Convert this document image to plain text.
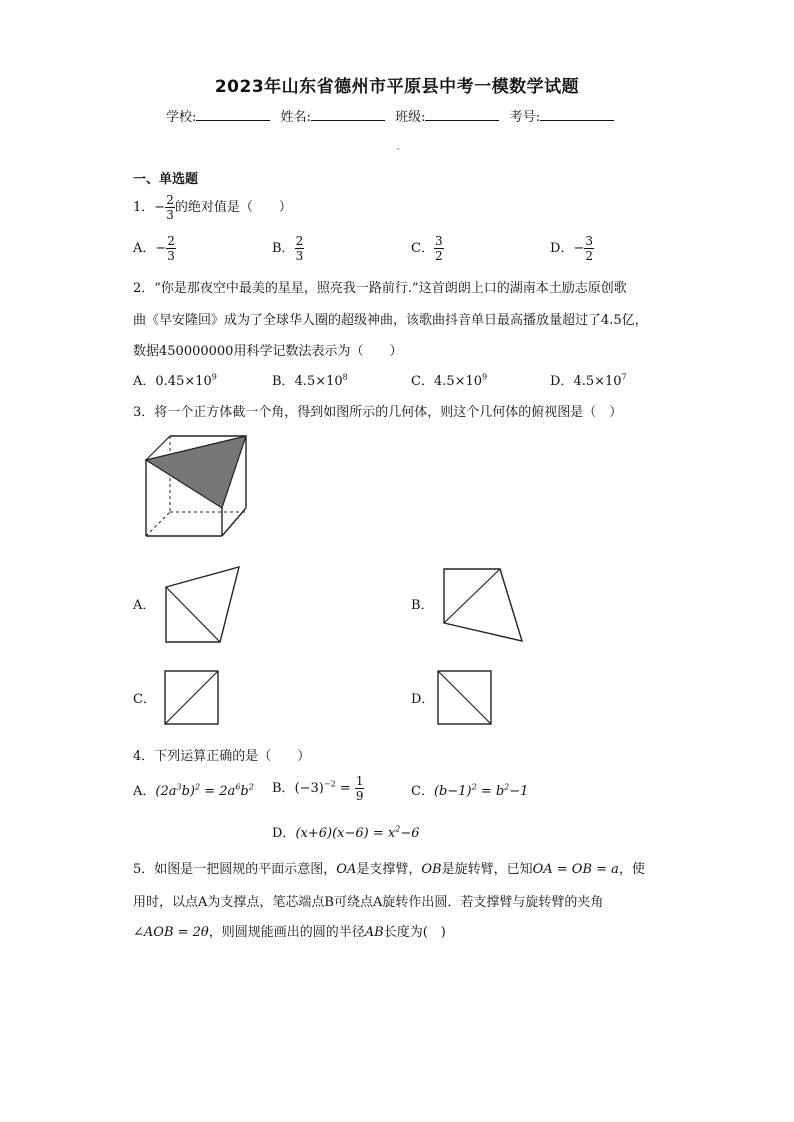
2023年山东省德州市平原县中考一模数学试题
学校:	姓名:	班级:	考号:
一、单选题
1．− $\frac{2}{3}$ 的绝对值是（　　）
A．− $\frac{2}{3}$	B． $\frac{2}{3}$	C． $\frac{3}{2}$	D．− $\frac{3}{2}$
2．“你是那夜空中最美的星星，照亮我一路前行.”这首朗朗上口的湖南本土励志原创歌
曲《早安隆回》成为了全球华人圈的超级神曲，该歌曲抖音单日最高播放量超过了4.5亿，
数据450000000用科学记数法表示为（　　）
A．$0.45\times 10^9$	B．$4.5\times 10^8$	C．$4.5\times 10^9$	D．$4.5\times 10^7$
3．将一个正方体截一个角，得到如图所示的几何体，则这个几何体的俯视图是（　）
A．	B．
C．	D．
4．下列运算正确的是（　　）
A．$(2a^3b)^2 = 2a^6b^2$ B．$(-3)^{-2} = \frac{1}{9}$	C．$(b-1)^2 = b^2-1$
D．$(x+6)(x-6) = x^2-6$
5．如图是一把圆规的平面示意图，OA是支撑臂，OB是旋转臂，已知OA = OB = a，使
用时，以点A为支撑点，笔芯端点B可绕点A旋转作出圆．若支撑臂与旋转臂的夹角
∠AOB = 2θ，则圆规能画出的圆的半径AB长度为(　)
